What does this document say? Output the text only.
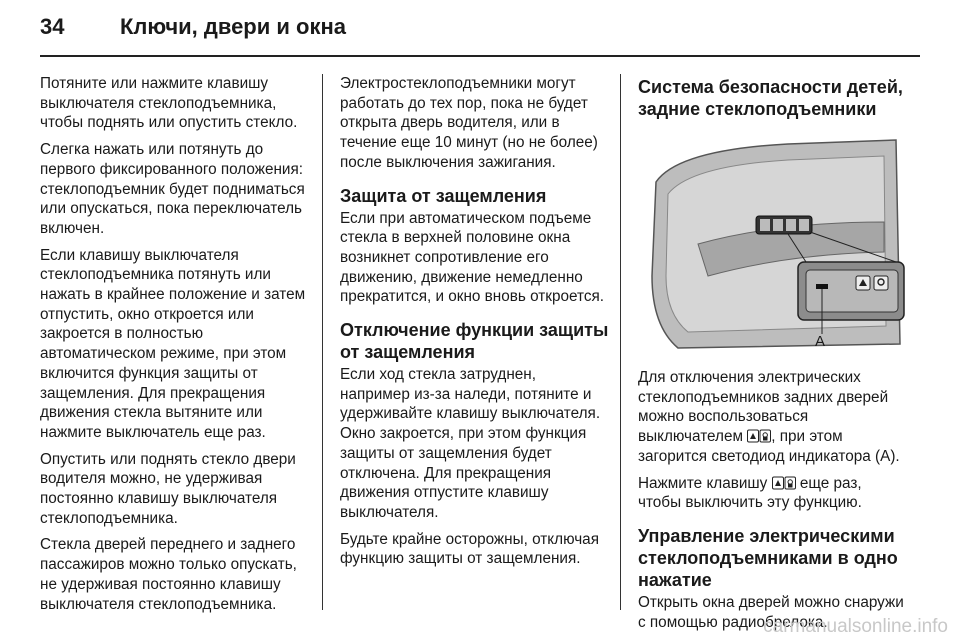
34	Ключи, двери и окна

Потяните или нажмите клавишу выключателя стеклоподъемника, чтобы поднять или опустить стекло.

Слегка нажать или потянуть до первого фиксированного положения: стеклоподъемник будет подниматься или опускаться, пока переключатель включен.

Если клавишу выключателя стеклоподъемника потянуть или нажать в крайнее положение и затем отпустить, окно откроется или закроется в полностью автоматическом режиме, при этом включится функция защиты от защемления. Для прекращения движения стекла вытяните или нажмите выключатель еще раз.

Опустить или поднять стекло двери водителя можно, не удерживая постоянно клавишу выключателя стеклоподъемника.

Стекла дверей переднего и заднего пассажиров можно только опускать, не удерживая постоянно клавишу выключателя стеклоподъемника.

Электростеклоподъемники могут работать до тех пор, пока не будет открыта дверь водителя, или в течение еще 10 минут (но не более) после выключения зажигания.

Защита от защемления

Если при автоматическом подъеме стекла в верхней половине окна возникнет сопротивление его движению, движение немедленно прекратится, и окно вновь откроется.

Отключение функции защиты от защемления

Если ход стекла затруднен, например из-за наледи, потяните и удерживайте клавишу выключателя. Окно закроется, при этом функция защиты от защемления будет отключена. Для прекращения движения отпустите клавишу выключателя.

Будьте крайне осторожны, отключая функцию защиты от защемления.

Система безопасности детей, задние стеклоподъемники
A

Для отключения электрических стеклоподъемников задних дверей можно воспользоваться выключателем , при этом загорится светодиод индикатора (A).

Нажмите клавишу  еще раз, чтобы выключить эту функцию.

Управление электрическими стеклоподъемниками в одно нажатие

Открыть окна дверей можно снаружи с помощью радиобрелока.

carmanualsonline.info
